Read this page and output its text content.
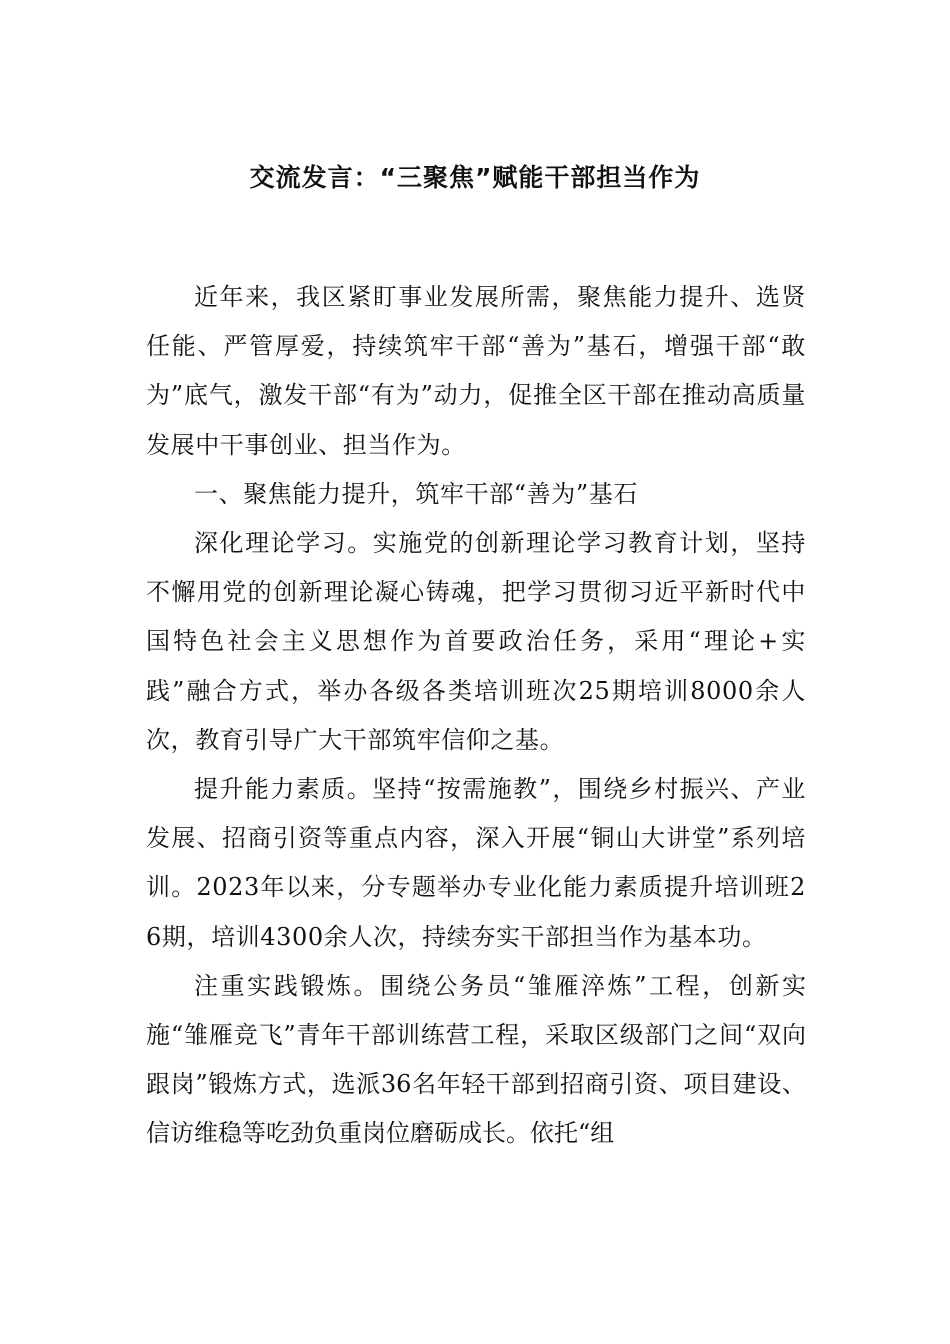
交流发言：“三聚焦”赋能干部担当作为

近年来，我区紧盯事业发展所需，聚焦能力提升、选贤任能、严管厚爱，持续筑牢干部“善为”基石，增强干部“敢为”底气，激发干部“有为”动力，促推全区干部在推动高质量发展中干事创业、担当作为。

一、聚焦能力提升，筑牢干部“善为”基石

深化理论学习。实施党的创新理论学习教育计划，坚持不懈用党的创新理论凝心铸魂，把学习贯彻习近平新时代中国特色社会主义思想作为首要政治任务，采用“理论+实践”融合方式，举办各级各类培训班次25期培训8000余人次，教育引导广大干部筑牢信仰之基。

提升能力素质。坚持“按需施教”，围绕乡村振兴、产业发展、招商引资等重点内容，深入开展“铜山大讲堂”系列培训。2023年以来，分专题举办专业化能力素质提升培训班26期，培训4300余人次，持续夯实干部担当作为基本功。

注重实践锻炼。围绕公务员“雏雁淬炼”工程，创新实施“雏雁竞飞”青年干部训练营工程，采取区级部门之间“双向跟岗”锻炼方式，选派36名年轻干部到招商引资、项目建设、信访维稳等吃劲负重岗位磨砺成长。依托“组
